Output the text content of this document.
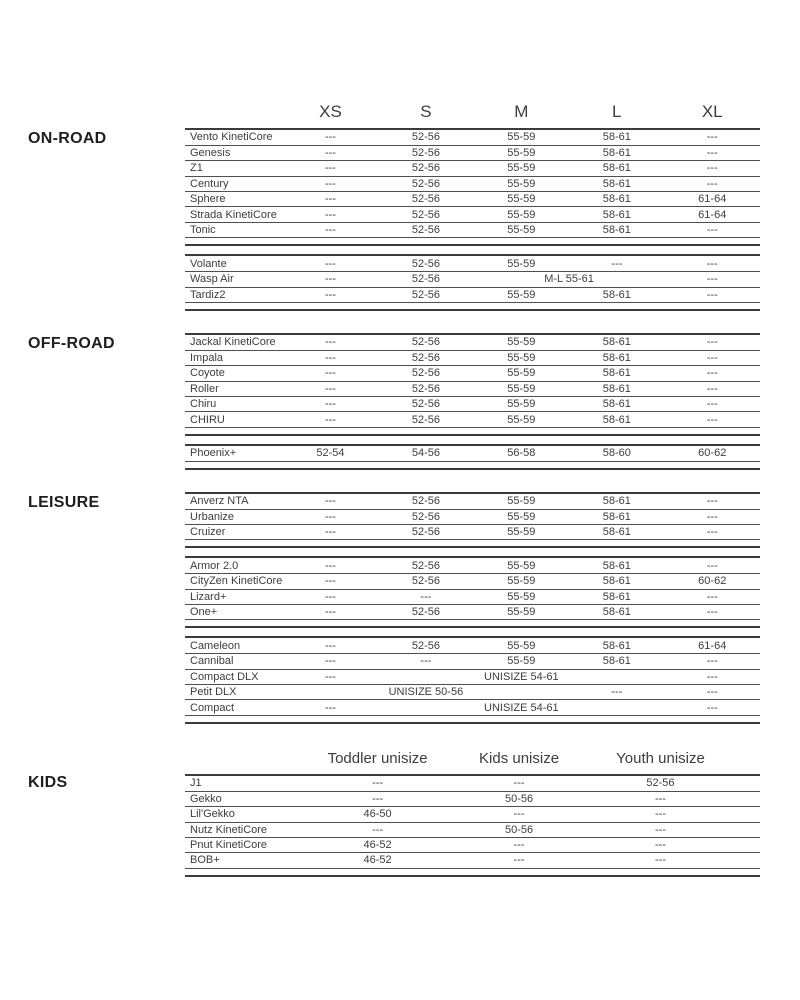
	XS	S	M	L	XL
ON-ROAD	Vento KinetiCore	---	52-56	55-59	58-61	---
Genesis	---	52-56	55-59	58-61	---
Z1	---	52-56	55-59	58-61	---
Century	---	52-56	55-59	58-61	---
Sphere	---	52-56	55-59	58-61	61-64
Strada KinetiCore	---	52-56	55-59	58-61	61-64
Tonic	---	52-56	55-59	58-61	---
Volante	---	52-56	55-59	---	---
Wasp Air	---	52-56	M-L 55-61		---
Tardiz2	---	52-56	55-59	58-61	---
OFF-ROAD	Jackal KinetiCore	---	52-56	55-59	58-61	---
Impala	---	52-56	55-59	58-61	---
Coyote	---	52-56	55-59	58-61	---
Roller	---	52-56	55-59	58-61	---
Chiru	---	52-56	55-59	58-61	---
CHIRU	---	52-56	55-59	58-61	---
Phoenix+	52-54	54-56	56-58	58-60	60-62
LEISURE	Anverz NTA	---	52-56	55-59	58-61	---
Urbanize	---	52-56	55-59	58-61	---
Cruizer	---	52-56	55-59	58-61	---
Armor 2.0	---	52-56	55-59	58-61	---
CityZen KinetiCore	---	52-56	55-59	58-61	60-62
Lizard+	---	---	55-59	58-61	---
One+	---	52-56	55-59	58-61	---
Cameleon	---	52-56	55-59	58-61	61-64
Cannibal	---	---	55-59	58-61	---
Compact DLX	---	UNISIZE 54-61			---
Petit DLX	UNISIZE 50-56			---	---
Compact	---	UNISIZE 54-61			---
KIDS
	Toddler unisize	Kids unisize	Youth unisize	
J1	---	---	52-56	
Gekko	---	50-56	---	
Lil'Gekko	46-50	---	---	
Nutz KinetiCore	---	50-56	---	
Pnut KinetiCore	46-52	---	---	
BOB+	46-52	---	---	
